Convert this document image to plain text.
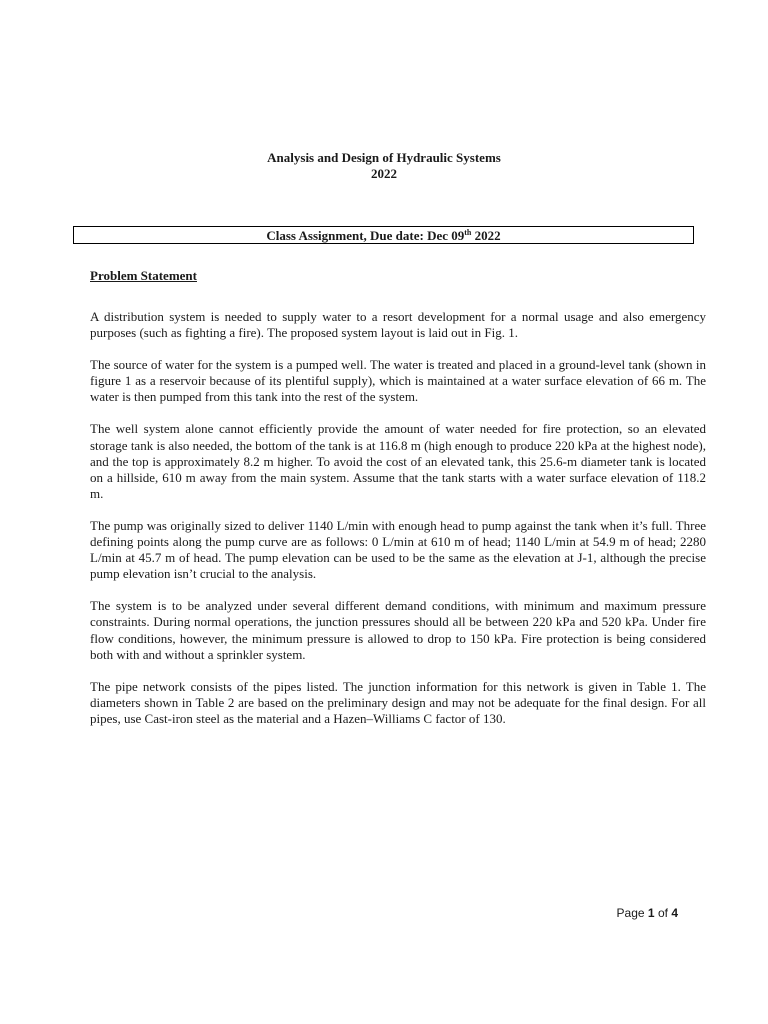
Analysis and Design of Hydraulic Systems
2022
Class Assignment, Due date: Dec 09th 2022
Problem Statement

A distribution system is needed to supply water to a resort development for a normal usage and also emergency purposes (such as fighting a fire). The proposed system layout is laid out in Fig. 1.

The source of water for the system is a pumped well. The water is treated and placed in a ground-level tank (shown in figure 1 as a reservoir because of its plentiful supply), which is maintained at a water surface elevation of 66 m. The water is then pumped from this tank into the rest of the system.

The well system alone cannot efficiently provide the amount of water needed for fire protection, so an elevated storage tank is also needed, the bottom of the tank is at 116.8 m (high enough to produce 220 kPa at the highest node), and the top is approximately 8.2 m higher. To avoid the cost of an elevated tank, this 25.6-m diameter tank is located on a hillside, 610 m away from the main system. Assume that the tank starts with a water surface elevation of 118.2 m.

The pump was originally sized to deliver 1140 L/min with enough head to pump against the tank when it’s full. Three defining points along the pump curve are as follows: 0 L/min at 610 m of head; 1140 L/min at 54.9 m of head; 2280 L/min at 45.7 m of head. The pump elevation can be used to be the same as the elevation at J-1, although the precise pump elevation isn’t crucial to the analysis.

The system is to be analyzed under several different demand conditions, with minimum and maximum pressure constraints. During normal operations, the junction pressures should all be between 220 kPa and 520 kPa. Under fire flow conditions, however, the minimum pressure is allowed to drop to 150 kPa. Fire protection is being considered both with and without a sprinkler system.

The pipe network consists of the pipes listed. The junction information for this network is given in Table 1. The diameters shown in Table 2 are based on the preliminary design and may not be adequate for the final design. For all pipes, use Cast-iron steel as the material and a Hazen–Williams C factor of 130.

Page 1 of 4
